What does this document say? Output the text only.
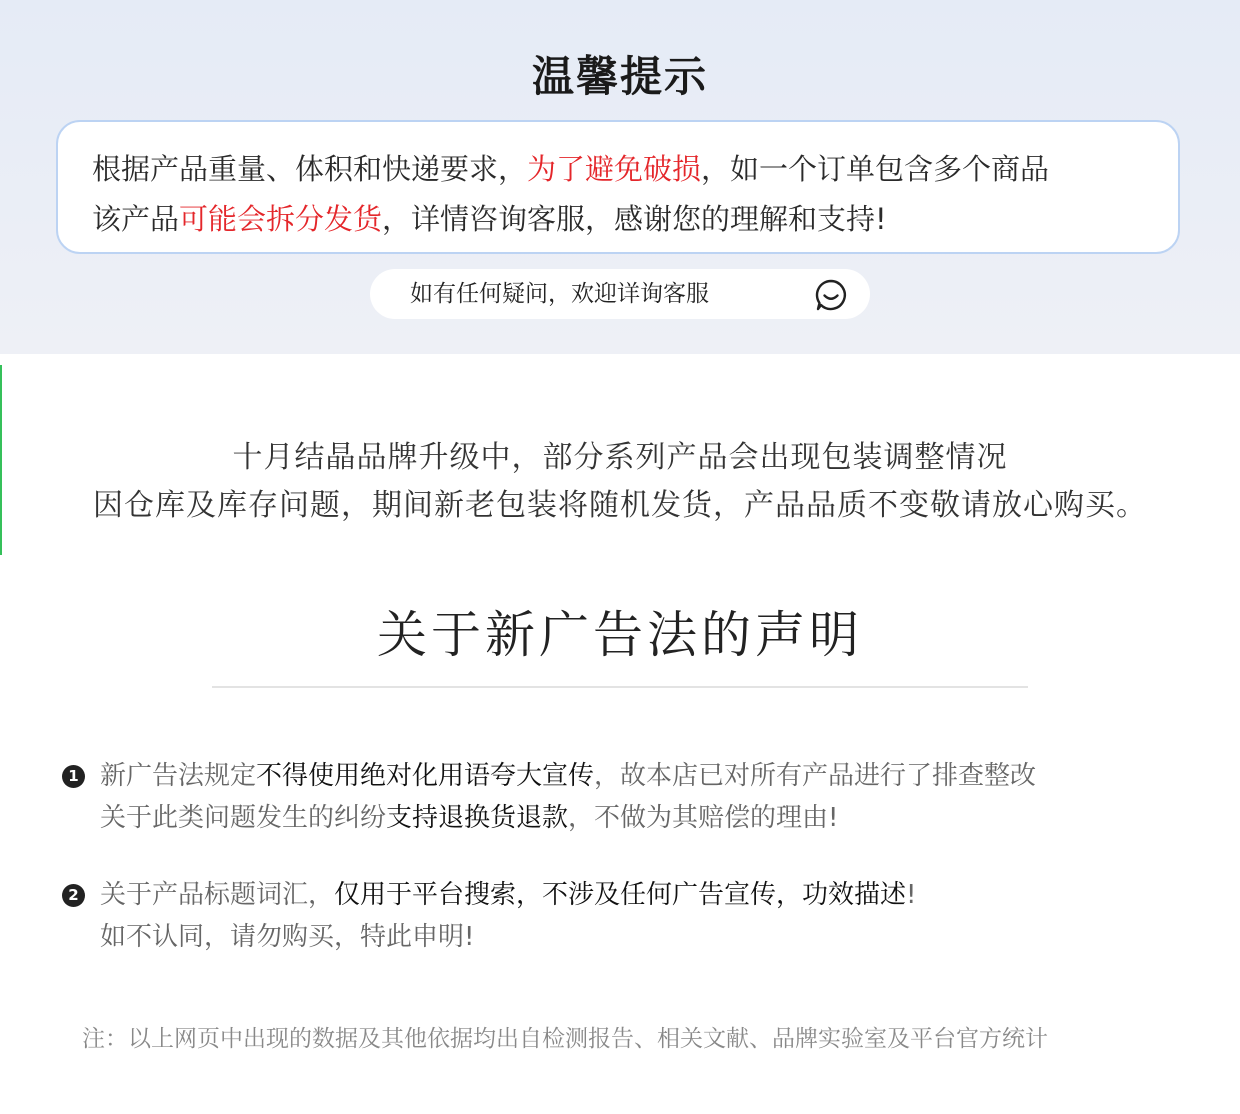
温馨提示
根据产品重量、体积和快递要求，为了避免破损，如一个订单包含多个商品
该产品可能会拆分发货，详情咨询客服，感谢您的理解和支持!
如有任何疑问，欢迎详询客服
十月结晶品牌升级中，部分系列产品会出现包装调整情况
因仓库及库存问题，期间新老包装将随机发货，产品品质不变敬请放心购买。
关于新广告法的声明
1 新广告法规定不得使用绝对化用语夸大宣传，故本店已对所有产品进行了排查整改
关于此类问题发生的纠纷支持退换货退款，不做为其赔偿的理由!
2 关于产品标题词汇，仅用于平台搜索，不涉及任何广告宣传，功效描述!
如不认同，请勿购买，特此申明!
注：以上网页中出现的数据及其他依据均出自检测报告、相关文献、品牌实验室及平台官方统计
